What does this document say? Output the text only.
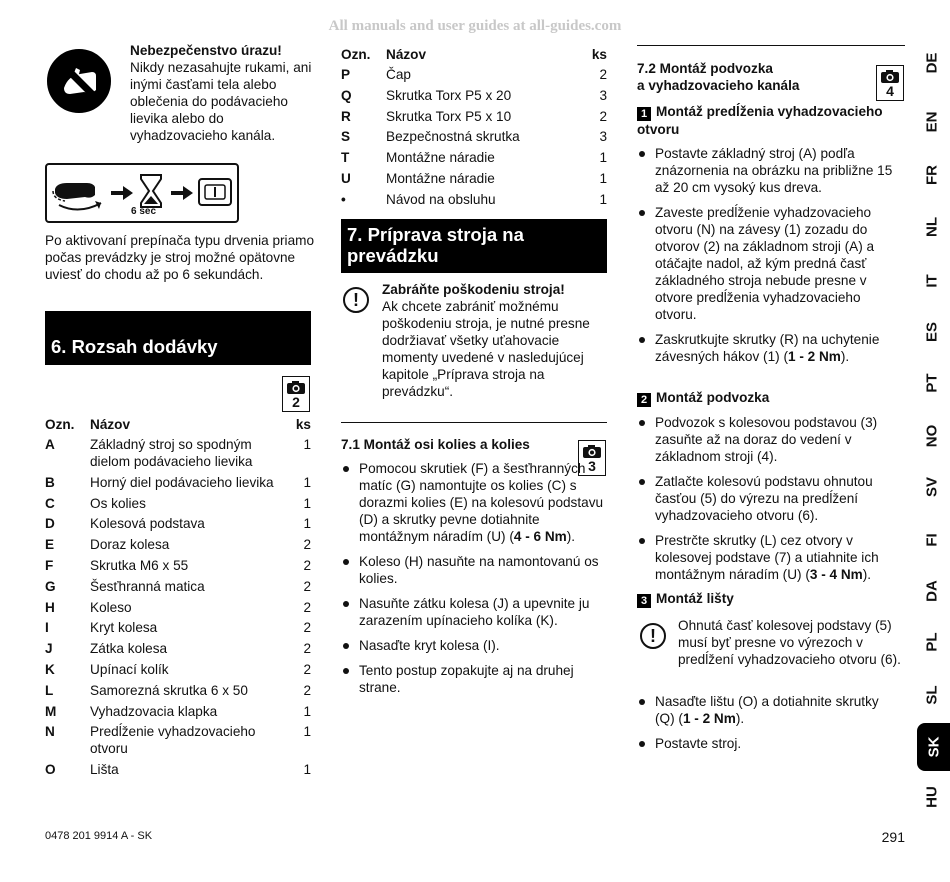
All manuals and user guides at all-guides.com
Nebezpečenstvo úrazu!
Nikdy nezasahujte rukami, ani inými časťami tela alebo oblečenia do podávacieho lievika alebo do vyhadzovacieho kanála.
6 sec
Po aktivovaní prepínača typu drvenia priamo počas prevádzky je stroj možné opätovne uviesť do chodu až po 6 sekundách.
6. Rozsah dodávky
2
Ozn.	Názov	ks
A	Základný stroj so spodným dielom podávacieho lievika	1
B	Horný diel podávacieho lievika	1
C	Os kolies	1
D	Kolesová podstava	1
E	Doraz kolesa	2
F	Skrutka M6 x 55	2
G	Šesťhranná matica	2
H	Koleso	2
I	Kryt kolesa	2
J	Zátka kolesa	2
K	Upínací kolík	2
L	Samorezná skrutka 6 x 50	2
M	Vyhadzovacia klapka	1
N	Predĺženie vyhadzovacieho otvoru	1
O	Lišta	1
Ozn.	Názov	ks
P	Čap	2
Q	Skrutka Torx P5 x 20	3
R	Skrutka Torx P5 x 10	2
S	Bezpečnostná skrutka	3
T	Montážne náradie	1
U	Montážne náradie	1
•	Návod na obsluhu	1
7. Príprava stroja na prevádzku
!
Zabráňte poškodeniu stroja!
Ak chcete zabrániť možnému poškodeniu stroja, je nutné presne dodržiavať všetky uťahovacie momenty uvedené v nasledujúcej kapitole „Príprava stroja na prevádzku“.
7.1 Montáž osi kolies a kolies
3
Pomocou skrutiek (F) a šesťhranných matíc (G) namontujte os kolies (C) s dorazmi kolies (E) na kolesovú podstavu (D) a skrutky pevne dotiahnite montážnym náradím (U) (4 - 6 Nm).
Koleso (H) nasuňte na namontovanú os kolies.
Nasuňte zátku kolesa (J) a upevnite ju zarazením upínacieho kolíka (K).
Nasaďte kryt kolesa (I).
Tento postup zopakujte aj na druhej strane.
7.2 Montáž podvozka
a vyhadzovacieho kanála	4
1 Montáž predĺženia vyhadzovacieho otvoru
Postavte základný stroj (A) podľa znázornenia na obrázku na približne 15 až 20 cm vysoký kus dreva.
Zaveste predĺženie vyhadzovacieho otvoru (N) na závesy (1) zozadu do otvorov (2) na základnom stroji (A) a otáčajte nadol, až kým predná časť základného stroja nebude presne v otvore predĺženia vyhadzovacieho otvoru.
Zaskrutkujte skrutky (R) na uchytenie závesných hákov (1) (1 - 2 Nm).
2 Montáž podvozka
Podvozok s kolesovou podstavou (3) zasuňte až na doraz do vedení v základnom stroji (4).
Zatlačte kolesovú podstavu ohnutou časťou (5) do výrezu na predĺžení vyhadzovacieho otvoru (6).
Prestrčte skrutky (L) cez otvory v kolesovej podstave (7) a utiahnite ich montážnym náradím (U) (3 - 4 Nm).
3 Montáž lišty
!
Ohnutá časť kolesovej podstavy (5) musí byť presne vo výrezoch v predĺžení vyhadzovacieho otvoru (6).
Nasaďte lištu (O) a dotiahnite skrutky (Q) (1 - 2 Nm).
Postavte stroj.
DE
EN
FR
NL
IT
ES
PT
NO
SV
FI
DA
PL
SL
SK
HU
0478 201 9914 A - SK	291
